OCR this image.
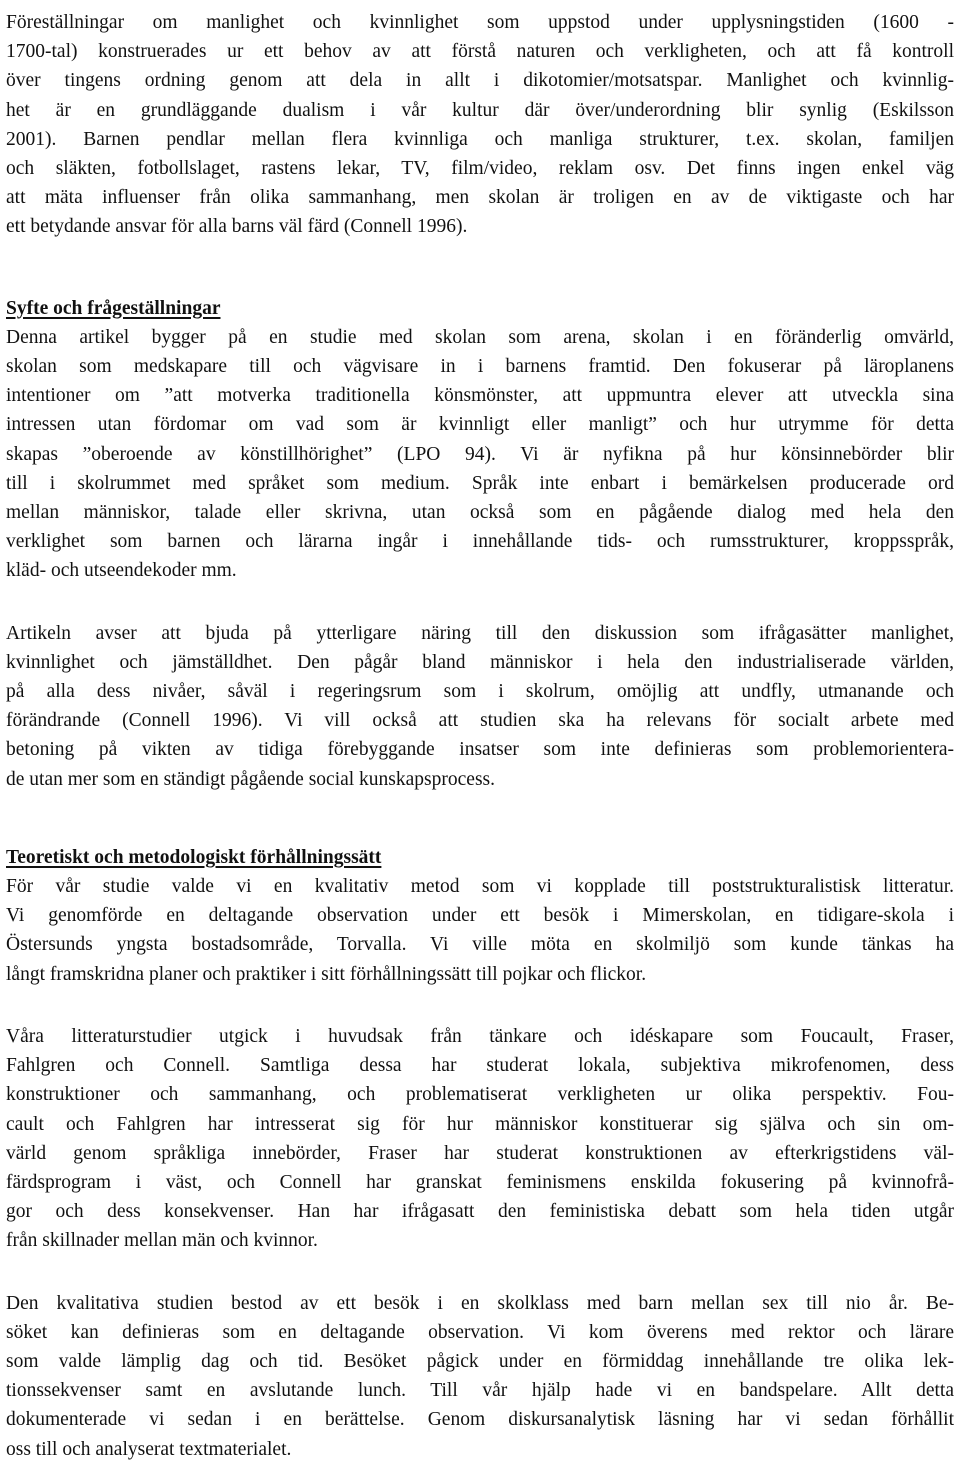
Föreställningar om manlighet och kvinnlighet som uppstod under upplysningstiden (1600 -
1700-tal) konstruerades ur ett behov av att förstå naturen och verkligheten, och att få kontroll
över tingens ordning genom att dela in allt i dikotomier/motsatspar. Manlighet och kvinnlig-
het är en grundläggande dualism i vår kultur där över/underordning blir synlig (Eskilsson
2001). Barnen pendlar mellan flera kvinnliga och manliga strukturer, t.ex. skolan, familjen
och släkten, fotbollslaget, rastens lekar, TV, film/video, reklam osv. Det finns ingen enkel väg
att mäta influenser från olika sammanhang, men skolan är troligen en av de viktigaste och har
ett betydande ansvar för alla barns väl färd (Connell 1996).
Syfte och frågeställningar
Denna artikel bygger på en studie med skolan som arena, skolan i en föränderlig omvärld,
skolan som medskapare till och vägvisare in i barnens framtid. Den fokuserar på läroplanens
intentioner om ”att motverka traditionella könsmönster, att uppmuntra elever att utveckla sina
intressen utan fördomar om vad som är kvinnligt eller manligt” och hur utrymme för detta
skapas ”oberoende av könstillhörighet” (LPO 94). Vi är nyfikna på hur könsinnebörder blir
till i skolrummet med språket som medium. Språk inte enbart i bemärkelsen producerade ord
mellan människor, talade eller skrivna, utan också som en pågående dialog med hela den
verklighet som barnen och lärarna ingår i innehållande tids- och rumsstrukturer, kroppsspråk,
kläd- och utseendekoder mm.
Artikeln avser att bjuda på ytterligare näring till den diskussion som ifrågasätter manlighet,
kvinnlighet och jämställdhet. Den pågår bland människor i hela den industrialiserade världen,
på alla dess nivåer, såväl i regeringsrum som i skolrum, omöjlig att undfly, utmanande och
förändrande (Connell 1996). Vi vill också att studien ska ha relevans för socialt arbete med
betoning på vikten av tidiga förebyggande insatser som inte definieras som problemorientera-
de utan mer som en ständigt pågående social kunskapsprocess.
Teoretiskt och metodologiskt förhållningssätt
För vår studie valde vi en kvalitativ metod som vi kopplade till poststrukturalistisk litteratur.
Vi genomförde en deltagande observation under ett besök i Mimerskolan, en tidigare-skola i
Östersunds yngsta bostadsområde, Torvalla. Vi ville möta en skolmiljö som kunde tänkas ha
långt framskridna planer och praktiker i sitt förhållningssätt till pojkar och flickor.
Våra litteraturstudier utgick i huvudsak från tänkare och idéskapare som Foucault, Fraser,
Fahlgren och Connell. Samtliga dessa har studerat lokala, subjektiva mikrofenomen, dess
konstruktioner och sammanhang, och problematiserat verkligheten ur olika perspektiv. Fou-
cault och Fahlgren har intresserat sig för hur människor konstituerar sig själva och sin om-
värld genom språkliga innebörder, Fraser har studerat konstruktionen av efterkrigstidens väl-
färdsprogram i väst, och Connell har granskat feminismens enskilda fokusering på kvinnofrå-
gor och dess konsekvenser. Han har ifrågasatt den feministiska debatt som hela tiden utgår
från skillnader mellan män och kvinnor.
Den kvalitativa studien bestod av ett besök i en skolklass med barn mellan sex till nio år. Be-
söket kan definieras som en deltagande observation. Vi kom överens med rektor och lärare
som valde lämplig dag och tid. Besöket pågick under en förmiddag innehållande tre olika lek-
tionssekvenser samt en avslutande lunch. Till vår hjälp hade vi en bandspelare. Allt detta
dokumenterade vi sedan i en berättelse. Genom diskursanalytisk läsning har vi sedan förhållit
oss till och analyserat textmaterialet.
